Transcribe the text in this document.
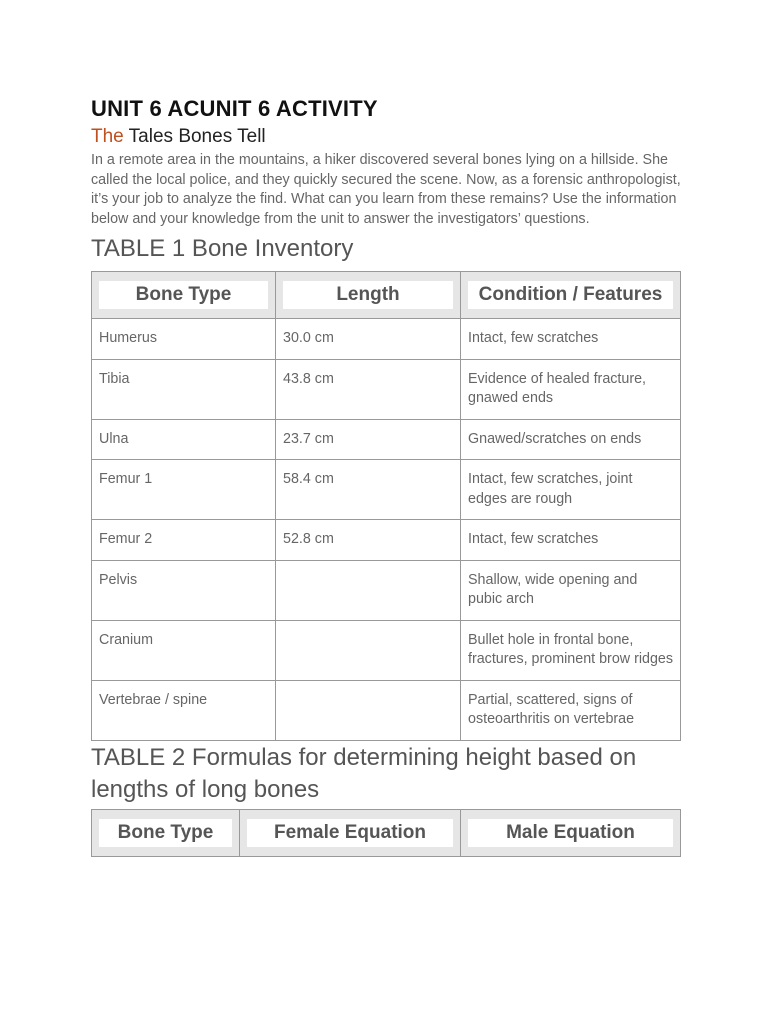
UNIT 6 ACUNIT 6 ACTIVITY

The Tales Bones Tell

In a remote area in the mountains, a hiker discovered several bones lying on a hillside. She called the local police, and they quickly secured the scene. Now, as a forensic anthropologist, it’s your job to analyze the find. What can you learn from these remains? Use the information below and your knowledge from the unit to answer the investigators’ questions.

TABLE 1 Bone Inventory
Bone Type	Length	Condition / Features

Humerus	30.0 cm	Intact, few scratches
Tibia	43.8 cm	Evidence of healed fracture, gnawed ends
Ulna	23.7 cm	Gnawed/scratches on ends
Femur 1	58.4 cm	Intact, few scratches, joint edges are rough
Femur 2	52.8 cm	Intact, few scratches
Pelvis		Shallow, wide opening and pubic arch
Cranium		Bullet hole in frontal bone, fractures, prominent brow ridges
Vertebrae / spine		Partial, scattered, signs of osteoarthritis on vertebrae
TABLE 2 Formulas for determining height based on lengths of long bones
Bone Type	Female Equation	Male Equation
